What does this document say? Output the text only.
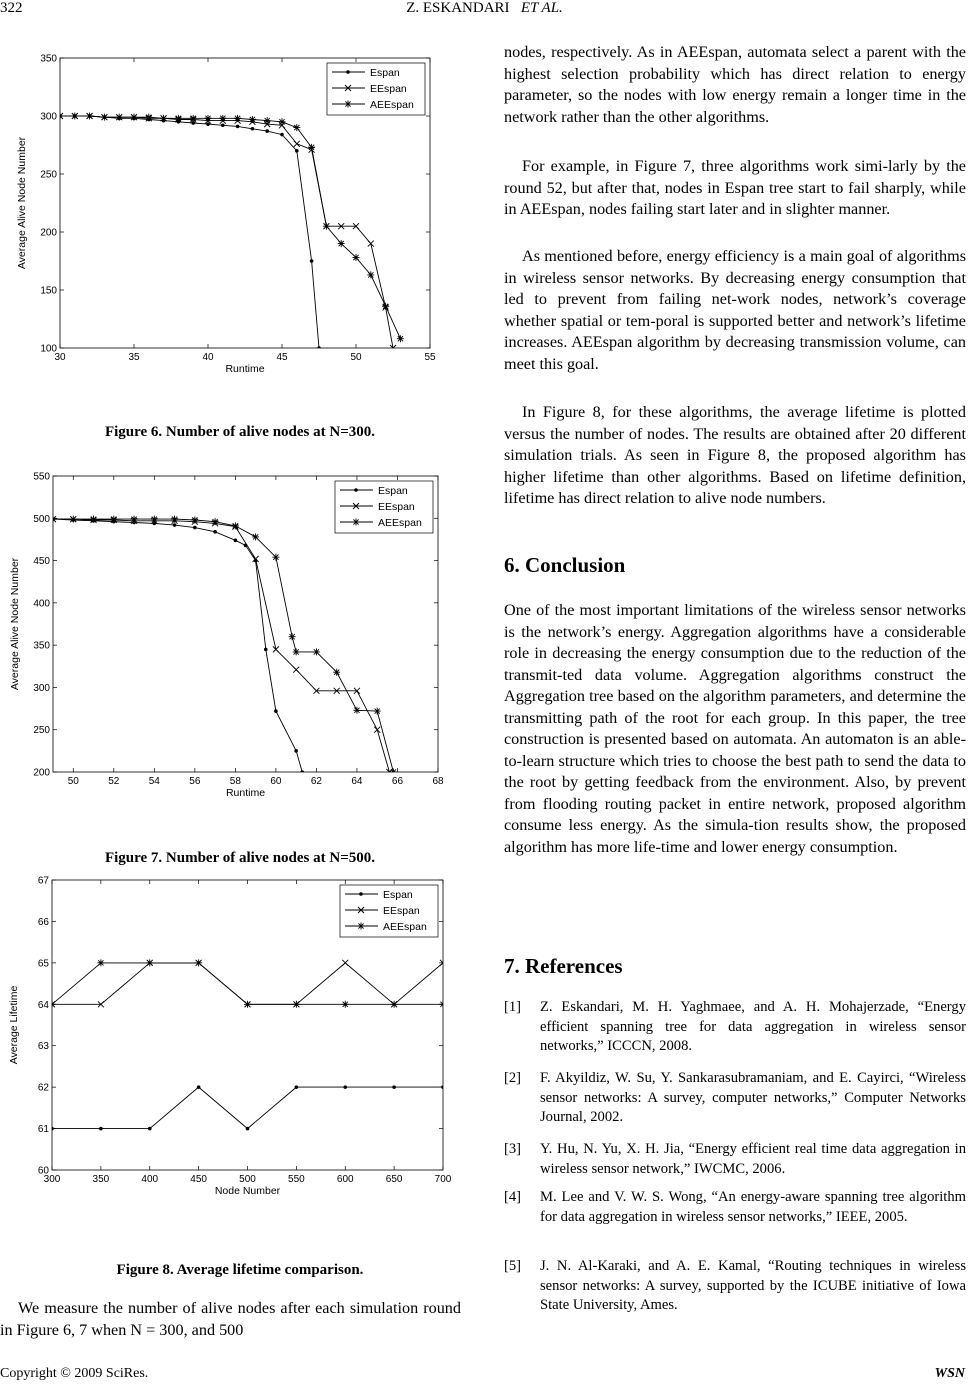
322	Z. ESKANDARI ET AL.
30	35	40	45	50	55
100
150
200
250
300
350
Runtime
Average Alive Node Number
Espan
EEspan
AEEspan
Figure 6. Number of alive nodes at N=300.
50	52	54	56	58	60	62	64	66	68
200
250
300
350
400
450
500
550
Runtime
Average Alive Node Number
Espan
EEspan
AEEspan
Figure 7. Number of alive nodes at N=500.
300	350	400	450	500	550	600	650	700
60
61
62
63
64
65
66
67
Node Number
Average Lifetime
Espan
EEspan
AEEspan
Figure 8. Average lifetime comparison.
We measure the number of alive nodes after each simulation round in Figure 6, 7 when N = 300, and 500
nodes, respectively. As in AEEspan, automata select a parent with the highest selection probability which has direct relation to energy parameter, so the nodes with low energy remain a longer time in the network rather than the other algorithms.
For example, in Figure 7, three algorithms work simi-larly by the round 52, but after that, nodes in Espan tree start to fail sharply, while in AEEspan, nodes failing start later and in slighter manner.
As mentioned before, energy efficiency is a main goal of algorithms in wireless sensor networks. By decreasing energy consumption that led to prevent from failing net-work nodes, network’s coverage whether spatial or tem-poral is supported better and network’s lifetime increases. AEEspan algorithm by decreasing transmission volume, can meet this goal.
In Figure 8, for these algorithms, the average lifetime is plotted versus the number of nodes. The results are obtained after 20 different simulation trials. As seen in Figure 8, the proposed algorithm has higher lifetime than other algorithms. Based on lifetime definition, lifetime has direct relation to alive node numbers.
6. Conclusion
One of the most important limitations of the wireless sensor networks is the network’s energy. Aggregation algorithms have a considerable role in decreasing the energy consumption due to the reduction of the transmit-ted data volume. Aggregation algorithms construct the Aggregation tree based on the algorithm parameters, and determine the transmitting path of the root for each group. In this paper, the tree construction is presented based on automata. An automaton is an able-to-learn structure which tries to choose the best path to send the data to the root by getting feedback from the environment. Also, by prevent from flooding routing packet in entire network, proposed algorithm consume less energy. As the simula-tion results show, the proposed algorithm has more life-time and lower energy consumption.
7. References
[1] Z. Eskandari, M. H. Yaghmaee, and A. H. Mohajerzade, “Energy efficient spanning tree for data aggregation in wireless sensor networks,” ICCCN, 2008.
[2] F. Akyildiz, W. Su, Y. Sankarasubramaniam, and E. Cayirci, “Wireless sensor networks: A survey, computer networks,” Computer Networks Journal, 2002.
[3] Y. Hu, N. Yu, X. H. Jia, “Energy efficient real time data aggregation in wireless sensor network,” IWCMC, 2006.
[4] M. Lee and V. W. S. Wong, “An energy-aware spanning tree algorithm for data aggregation in wireless sensor networks,” IEEE, 2005.
[5] J. N. Al-Karaki, and A. E. Kamal, “Routing techniques in wireless sensor networks: A survey, supported by the ICUBE initiative of Iowa State University, Ames.
Copyright © 2009 SciRes.	WSN
